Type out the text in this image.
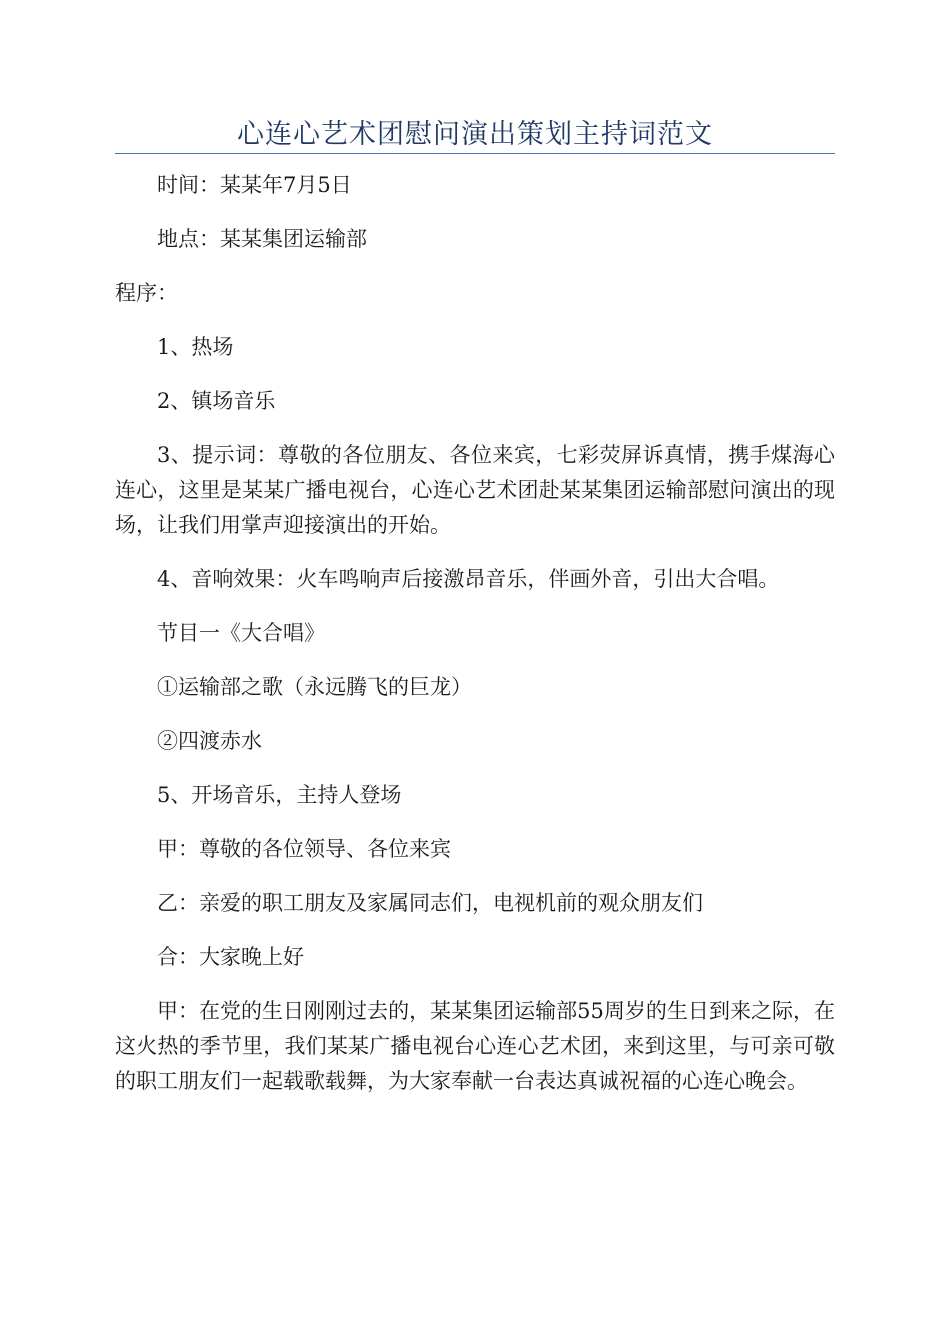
心连心艺术团慰问演出策划主持词范文

时间：某某年7月5日

地点：某某集团运输部

程序：

1、热场

2、镇场音乐

3、提示词：尊敬的各位朋友、各位来宾，七彩荧屏诉真情，携手煤海心连心，这里是某某广播电视台，心连心艺术团赴某某集团运输部慰问演出的现场，让我们用掌声迎接演出的开始。

4、音响效果：火车鸣响声后接激昂音乐，伴画外音，引出大合唱。

节目一《大合唱》

①运输部之歌（永远腾飞的巨龙）

②四渡赤水

5、开场音乐，主持人登场

甲：尊敬的各位领导、各位来宾

乙：亲爱的职工朋友及家属同志们，电视机前的观众朋友们

合：大家晚上好

甲：在党的生日刚刚过去的，某某集团运输部55周岁的生日到来之际，在这火热的季节里，我们某某广播电视台心连心艺术团，来到这里，与可亲可敬的职工朋友们一起载歌载舞，为大家奉献一台表达真诚祝福的心连心晚会。
